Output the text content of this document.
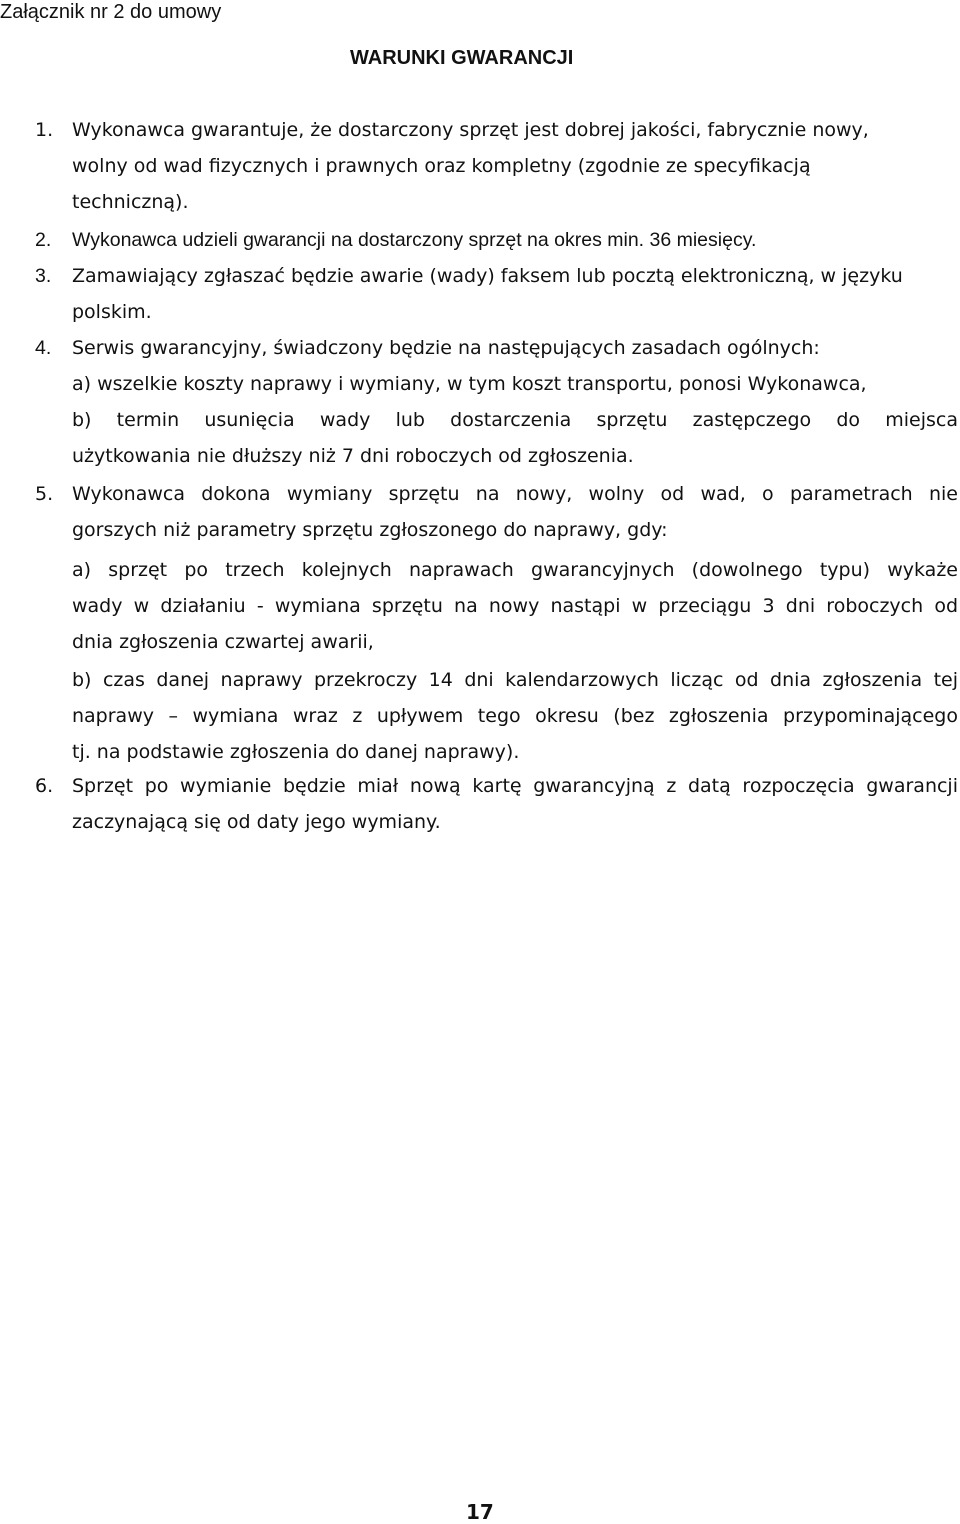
Załącznik nr 2 do umowy
WARUNKI GWARANCJI
1. Wykonawca gwarantuje, że dostarczony sprzęt jest dobrej jakości, fabrycznie nowy,
wolny od wad fizycznych i prawnych oraz kompletny (zgodnie ze specyfikacją
techniczną).
2. Wykonawca udzieli gwarancji na dostarczony sprzęt na okres min. 36 miesięcy.
3. Zamawiający zgłaszać będzie awarie (wady) faksem lub pocztą elektroniczną, w języku
polskim.
4. Serwis gwarancyjny, świadczony będzie na następujących zasadach ogólnych:
a) wszelkie koszty naprawy i wymiany, w tym koszt transportu, ponosi Wykonawca,
b) termin usunięcia wady lub dostarczenia sprzętu zastępczego do miejsca
użytkowania nie dłuższy niż 7 dni roboczych od zgłoszenia.
5. Wykonawca dokona wymiany sprzętu na nowy, wolny od wad, o parametrach nie
gorszych niż parametry sprzętu zgłoszonego do naprawy, gdy:
a) sprzęt po trzech kolejnych naprawach gwarancyjnych (dowolnego typu) wykaże
wady w działaniu - wymiana sprzętu na nowy nastąpi w przeciągu 3 dni roboczych od
dnia zgłoszenia czwartej awarii,
b) czas danej naprawy przekroczy 14 dni kalendarzowych licząc od dnia zgłoszenia tej
naprawy – wymiana wraz z upływem tego okresu (bez zgłoszenia przypominającego
tj. na podstawie zgłoszenia do danej naprawy).
6. Sprzęt po wymianie będzie miał nową kartę gwarancyjną z datą rozpoczęcia gwarancji
zaczynającą się od daty jego wymiany.
17
